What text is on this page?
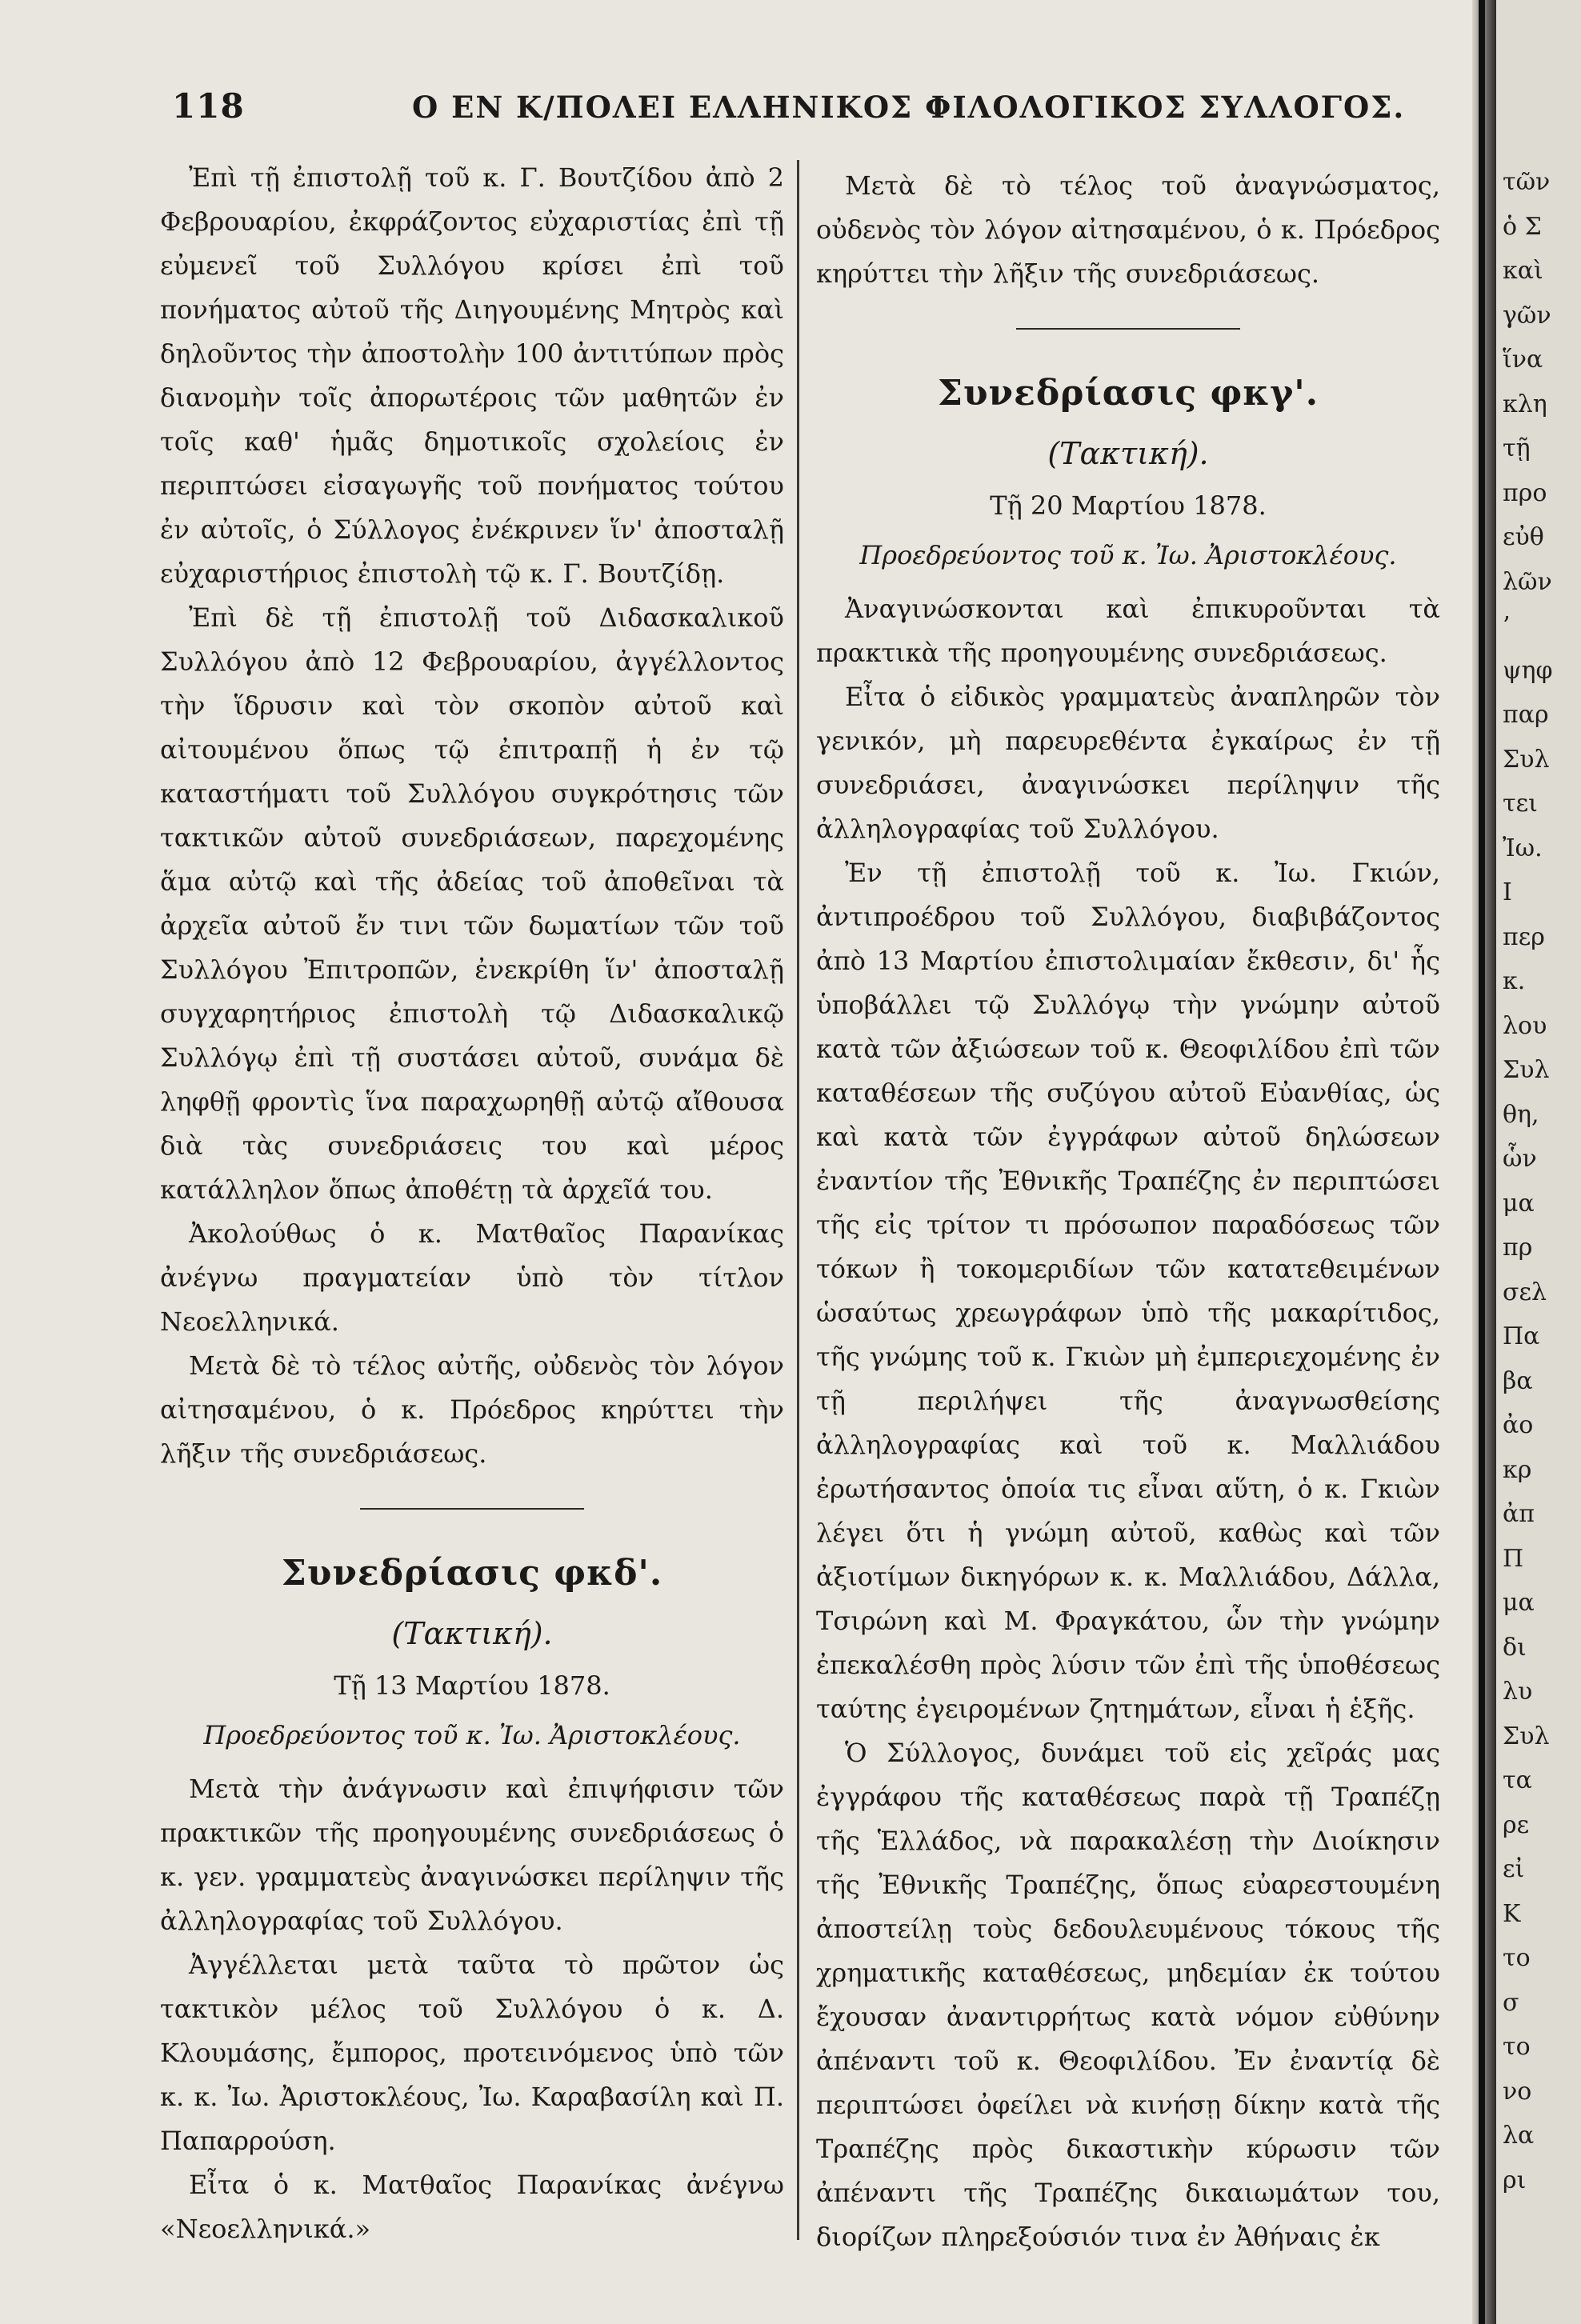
118	Ο ΕΝ Κ/ΠΟΛΕΙ ΕΛΛΗΝΙΚΟΣ ΦΙΛΟΛΟΓΙΚΟΣ ΣΥΛΛΟΓΟΣ.

Ἐπὶ τῇ ἐπιστολῇ τοῦ κ. Γ. Βουτζίδου ἀπὸ 2 Φεβρουαρίου, ἐκφράζοντος εὐχαριστίας ἐπὶ τῇ εὐμενεῖ τοῦ Συλλόγου κρίσει ἐπὶ τοῦ πονήματος αὐτοῦ τῆς Διηγουμένης Μητρὸς καὶ δηλοῦντος τὴν ἀποστολὴν 100 ἀντιτύπων πρὸς διανομὴν τοῖς ἀπορωτέροις τῶν μαθητῶν ἐν τοῖς καθ' ἡμᾶς δημοτικοῖς σχολείοις ἐν περιπτώσει εἰσαγωγῆς τοῦ πονήματος τούτου ἐν αὐτοῖς, ὁ Σύλλογος ἐνέκρινεν ἵν' ἀποσταλῇ εὐχαριστήριος ἐπιστολὴ τῷ κ. Γ. Βουτζίδῃ.

Ἐπὶ δὲ τῇ ἐπιστολῇ τοῦ Διδασκαλικοῦ Συλλόγου ἀπὸ 12 Φεβρουαρίου, ἀγγέλλοντος τὴν ἵδρυσιν καὶ τὸν σκοπὸν αὐτοῦ καὶ αἰτουμένου ὅπως τῷ ἐπιτραπῇ ἡ ἐν τῷ καταστήματι τοῦ Συλλόγου συγκρότησις τῶν τακτικῶν αὐτοῦ συνεδριάσεων, παρεχομένης ἅμα αὐτῷ καὶ τῆς ἀδείας τοῦ ἀποθεῖναι τὰ ἀρχεῖα αὐτοῦ ἔν τινι τῶν δωματίων τῶν τοῦ Συλλόγου Ἐπιτροπῶν, ἐνεκρίθη ἵν' ἀποσταλῇ συγχαρητήριος ἐπιστολὴ τῷ Διδασκαλικῷ Συλλόγῳ ἐπὶ τῇ συστάσει αὐτοῦ, συνάμα δὲ ληφθῇ φροντὶς ἵνα παραχωρηθῇ αὐτῷ αἴθουσα διὰ τὰς συνεδριάσεις του καὶ μέρος κατάλληλον ὅπως ἀποθέτῃ τὰ ἀρχεῖά του.

Ἀκολούθως ὁ κ. Ματθαῖος Παρανίκας ἀνέγνω πραγματείαν ὑπὸ τὸν τίτλον Νεοελληνικά.

Μετὰ δὲ τὸ τέλος αὐτῆς, οὐδενὸς τὸν λόγον αἰτησαμένου, ὁ κ. Πρόεδρος κηρύττει τὴν λῆξιν τῆς συνεδριάσεως.

Συνεδρίασις φκδ'.
(Τακτική).
Τῇ 13 Μαρτίου 1878.
Προεδρεύοντος τοῦ κ. Ἰω. Ἀριστοκλέους.

Μετὰ τὴν ἀνάγνωσιν καὶ ἐπιψήφισιν τῶν πρακτικῶν τῆς προηγουμένης συνεδριάσεως ὁ κ. γεν. γραμματεὺς ἀναγινώσκει περίληψιν τῆς ἀλληλογραφίας τοῦ Συλλόγου.

Ἀγγέλλεται μετὰ ταῦτα τὸ πρῶτον ὡς τακτικὸν μέλος τοῦ Συλλόγου ὁ κ. Δ. Κλουμάσης, ἔμπορος, προτεινόμενος ὑπὸ τῶν κ. κ. Ἰω. Ἀριστοκλέους, Ἰω. Καραβασίλη καὶ Π. Παπαρρούση.

Εἶτα ὁ κ. Ματθαῖος Παρανίκας ἀνέγνω «Νεοελληνικά.»

Μετὰ δὲ τὸ τέλος τοῦ ἀναγνώσματος, οὐδενὸς τὸν λόγον αἰτησαμένου, ὁ κ. Πρόεδρος κηρύττει τὴν λῆξιν τῆς συνεδριάσεως.

Συνεδρίασις φκγ'.
(Τακτική).
Τῇ 20 Μαρτίου 1878.
Προεδρεύοντος τοῦ κ. Ἰω. Ἀριστοκλέους.

Ἀναγινώσκονται καὶ ἐπικυροῦνται τὰ πρακτικὰ τῆς προηγουμένης συνεδριάσεως.

Εἶτα ὁ εἰδικὸς γραμματεὺς ἀναπληρῶν τὸν γενικόν, μὴ παρευρεθέντα ἐγκαίρως ἐν τῇ συνεδριάσει, ἀναγινώσκει περίληψιν τῆς ἀλληλογραφίας τοῦ Συλλόγου.

Ἐν τῇ ἐπιστολῇ τοῦ κ. Ἰω. Γκιών, ἀντιπροέδρου τοῦ Συλλόγου, διαβιβάζοντος ἀπὸ 13 Μαρτίου ἐπιστολιμαίαν ἔκθεσιν, δι' ἧς ὑποβάλλει τῷ Συλλόγῳ τὴν γνώμην αὐτοῦ κατὰ τῶν ἀξιώσεων τοῦ κ. Θεοφιλίδου ἐπὶ τῶν καταθέσεων τῆς συζύγου αὐτοῦ Εὐανθίας, ὡς καὶ κατὰ τῶν ἐγγράφων αὐτοῦ δηλώσεων ἐναντίον τῆς Ἐθνικῆς Τραπέζης ἐν περιπτώσει τῆς εἰς τρίτον τι πρόσωπον παραδόσεως τῶν τόκων ἢ τοκομεριδίων τῶν κατατεθειμένων ὡσαύτως χρεωγράφων ὑπὸ τῆς μακαρίτιδος, τῆς γνώμης τοῦ κ. Γκιὼν μὴ ἐμπεριεχομένης ἐν τῇ περιλήψει τῆς ἀναγνωσθείσης ἀλληλογραφίας καὶ τοῦ κ. Μαλλιάδου ἐρωτήσαντος ὁποία τις εἶναι αὕτη, ὁ κ. Γκιὼν λέγει ὅτι ἡ γνώμη αὐτοῦ, καθὼς καὶ τῶν ἀξιοτίμων δικηγόρων κ. κ. Μαλλιάδου, Δάλλα, Τσιρώνη καὶ Μ. Φραγκάτου, ὧν τὴν γνώμην ἐπεκαλέσθη πρὸς λύσιν τῶν ἐπὶ τῆς ὑποθέσεως ταύτης ἐγειρομένων ζητημάτων, εἶναι ἡ ἑξῆς.

Ὁ Σύλλογος, δυνάμει τοῦ εἰς χεῖράς μας ἐγγράφου τῆς καταθέσεως παρὰ τῇ Τραπέζῃ τῆς Ἑλλάδος, νὰ παρακαλέσῃ τὴν Διοίκησιν τῆς Ἐθνικῆς Τραπέζης, ὅπως εὐαρεστουμένη ἀποστείλῃ τοὺς δεδουλευμένους τόκους τῆς χρηματικῆς καταθέσεως, μηδεμίαν ἐκ τούτου ἔχουσαν ἀναντιρρήτως κατὰ νόμον εὐθύνην ἀπέναντι τοῦ κ. Θεοφιλίδου. Ἐν ἐναντίᾳ δὲ περιπτώσει ὀφείλει νὰ κινήσῃ δίκην κατὰ τῆς Τραπέζης πρὸς δικαστικὴν κύρωσιν τῶν ἀπέναντι τῆς Τραπέζης δικαιωμάτων του, διορίζων πληρεξούσιόν τινα ἐν Ἀθήναις ἐκ

τῶν
ὁ Σ
καὶ
γῶν
ἵνα
κλη
τῇ
προ
εὐθ
λῶν
’
ψηφ
παρ
Συλ
τει
Ἰω.
Ι
περ
κ.
λου
Συλ
θη,
ὧν
μα
πρ
σελ
Πα
βα
ἀο
κρ
ἀπ
Π
μα
δι
λυ
Συλ
τα
ρε
εἰ
Κ
το
σ
το
νο
λα
ρι
